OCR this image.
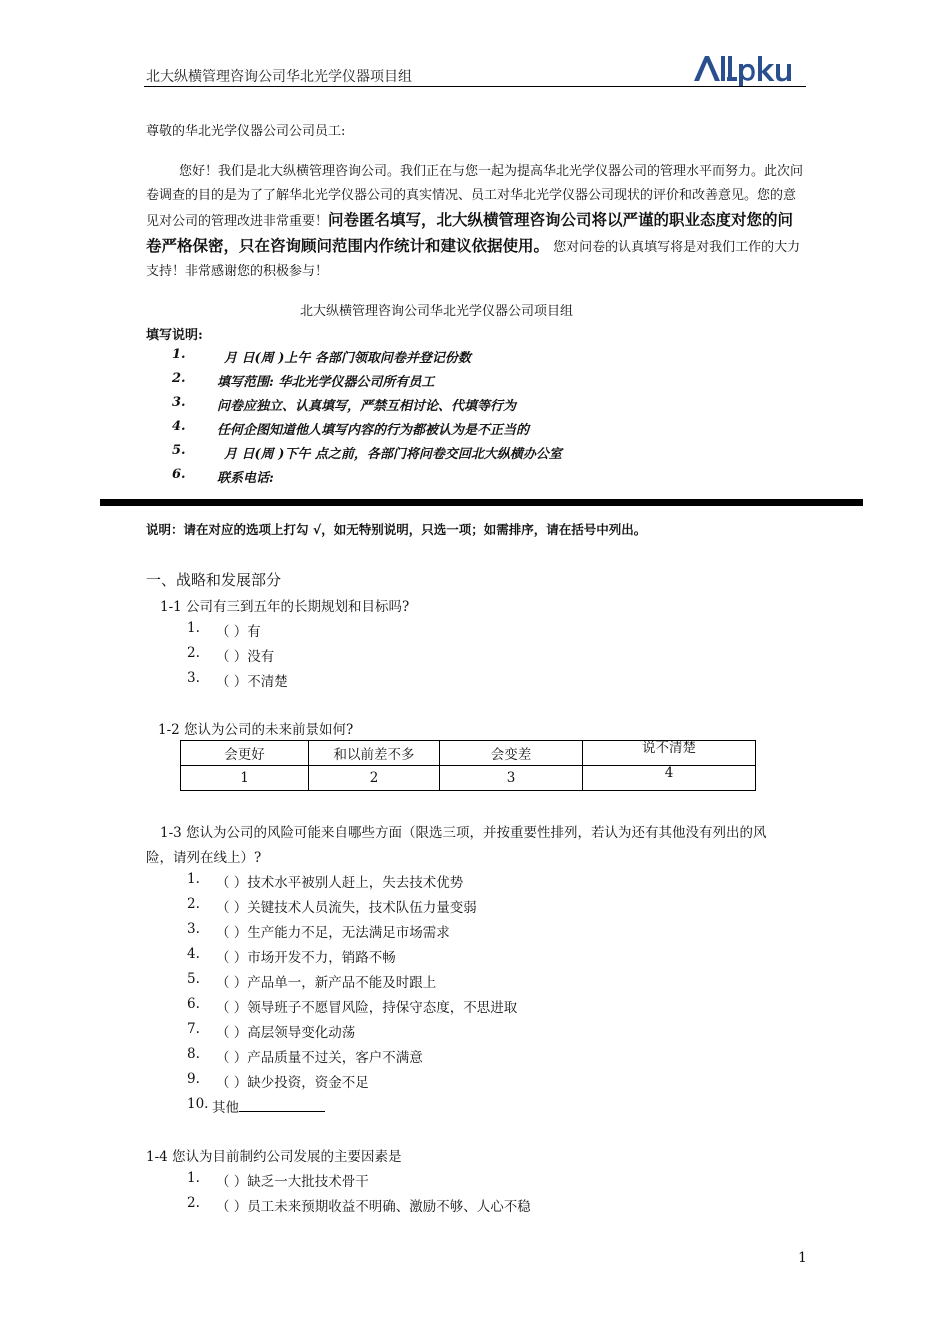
北大纵横管理咨询公司华北光学仪器项目组
尊敬的华北光学仪器公司公司员工:
您好！我们是北大纵横管理咨询公司。我们正在与您一起为提高华北光学仪器公司的管理水平而努力。此次问卷调查的目的是为了了解华北光学仪器公司的真实情况、员工对华北光学仪器公司现状的评价和改善意见。您的意见对公司的管理改进非常重要！问卷匿名填写，北大纵横管理咨询公司将以严谨的职业态度对您的问卷严格保密，只在咨询顾问范围内作统计和建议依据使用。 您对问卷的认真填写将是对我们工作的大力支持！非常感谢您的积极参与！
北大纵横管理咨询公司华北光学仪器公司项目组
填写说明:
1.	月 日(周 )上午 各部门领取问卷并登记份数
2. 填写范围: 华北光学仪器公司所有员工
3. 问卷应独立、认真填写，严禁互相讨论、代填等行为
4. 任何企图知道他人填写内容的行为都被认为是不正当的
5.	月 日(周 )下午 点之前，各部门将问卷交回北大纵横办公室
6. 联系电话:
说明：请在对应的选项上打勾 √，如无特别说明，只选一项；如需排序，请在括号中列出。
一、战略和发展部分
1-1 公司有三到五年的长期规划和目标吗?
1. （ ）有
2. （ ）没有
3. （ ）不清楚
1-2 您认为公司的未来前景如何?
会更好	和以前差不多	会变差	说不清楚
1	2	3	4
1-3 您认为公司的风险可能来自哪些方面（限选三项，并按重要性排列，若认为还有其他没有列出的风
险，请列在线上）?
1. （ ）技术水平被别人赶上，失去技术优势
2. （ ）关键技术人员流失，技术队伍力量变弱
3. （ ）生产能力不足，无法满足市场需求
4. （ ）市场开发不力，销路不畅
5. （ ）产品单一，新产品不能及时跟上
6. （ ）领导班子不愿冒风险，持保守态度，不思进取
7. （ ）高层领导变化动荡
8. （ ）产品质量不过关，客户不满意
9. （ ）缺少投资，资金不足
10. 其他
1-4 您认为目前制约公司发展的主要因素是
1. （ ）缺乏一大批技术骨干
2. （ ）员工未来预期收益不明确、激励不够、人心不稳
1
